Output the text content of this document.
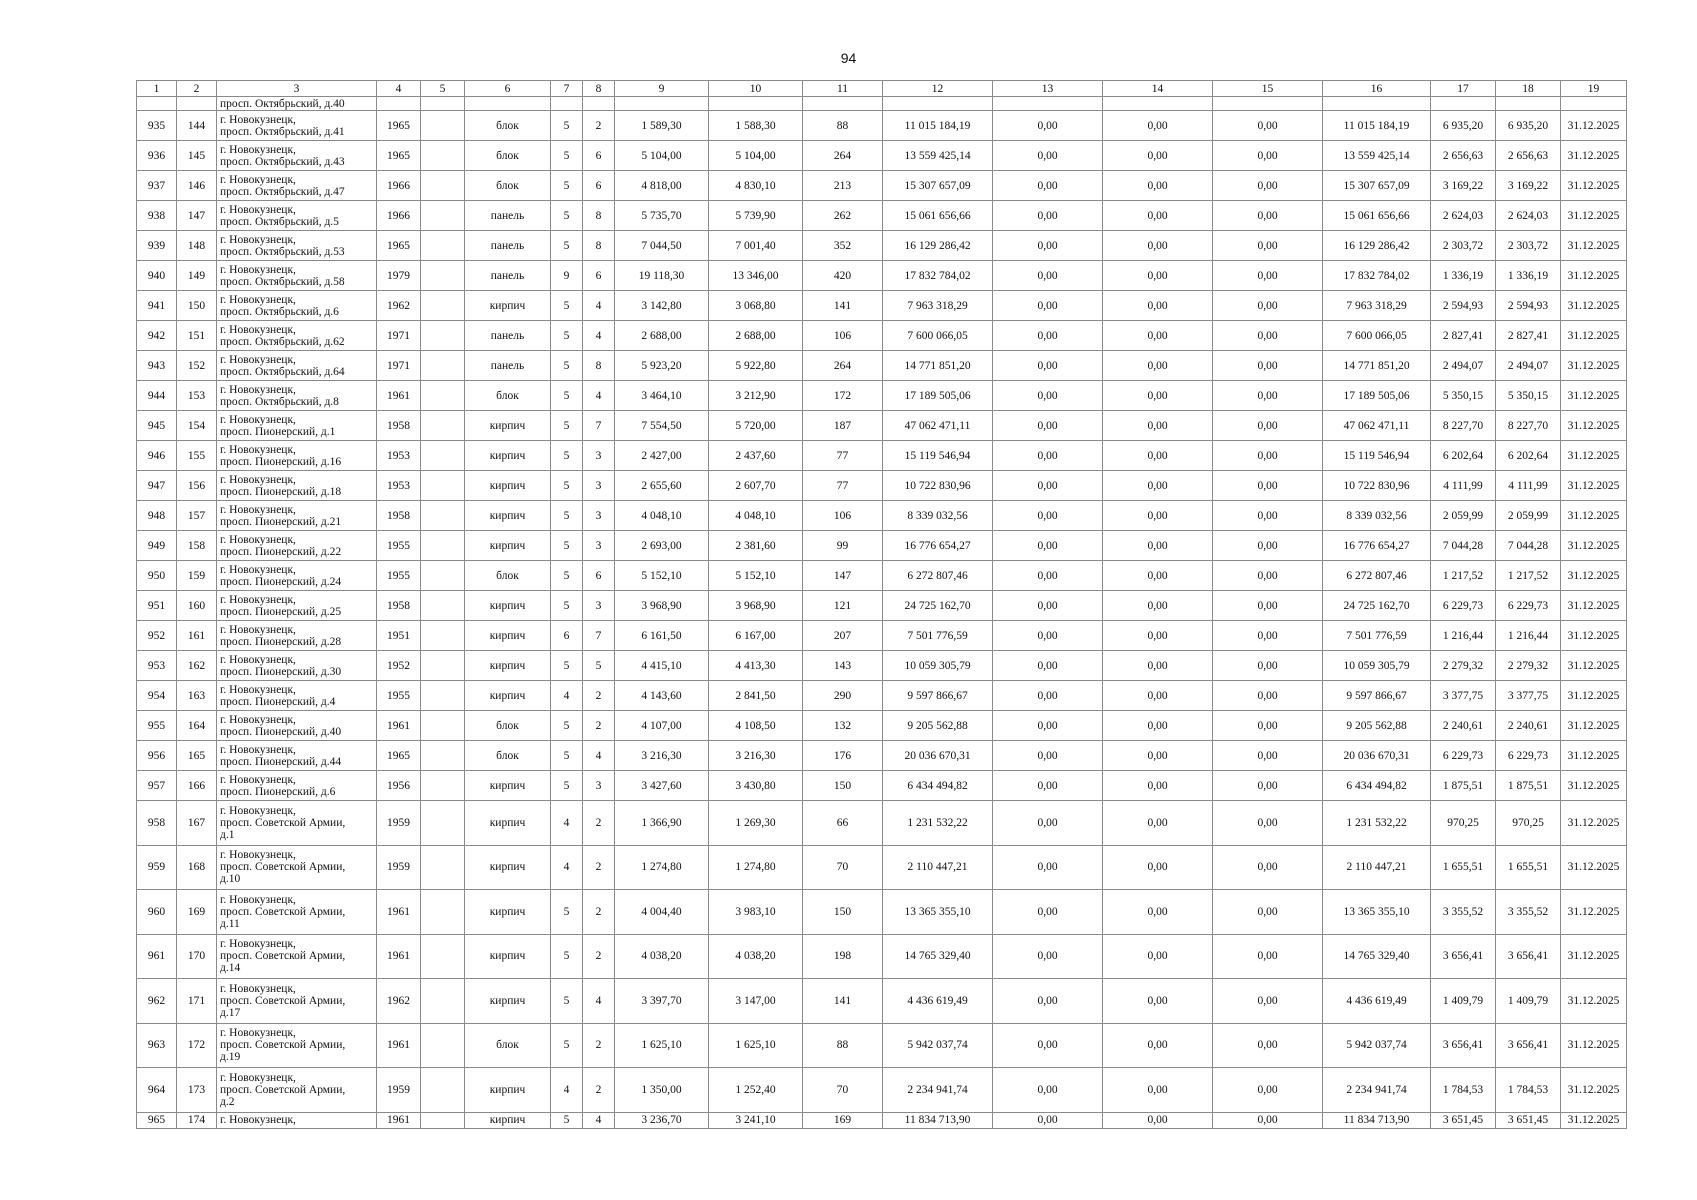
94
1	2	3	4	5	6	7	8	9	10	11	12	13	14	15	16	17	18	19
		просп. Октябрьский, д.40																
935	144	г. Новокузнецк,
просп. Октябрьский, д.41	1965		блок	5	2	1 589,30	1 588,30	88	11 015 184,19	0,00	0,00	0,00	11 015 184,19	6 935,20	6 935,20	31.12.2025
936	145	г. Новокузнецк,
просп. Октябрьский, д.43	1965		блок	5	6	5 104,00	5 104,00	264	13 559 425,14	0,00	0,00	0,00	13 559 425,14	2 656,63	2 656,63	31.12.2025
937	146	г. Новокузнецк,
просп. Октябрьский, д.47	1966		блок	5	6	4 818,00	4 830,10	213	15 307 657,09	0,00	0,00	0,00	15 307 657,09	3 169,22	3 169,22	31.12.2025
938	147	г. Новокузнецк,
просп. Октябрьский, д.5	1966		панель	5	8	5 735,70	5 739,90	262	15 061 656,66	0,00	0,00	0,00	15 061 656,66	2 624,03	2 624,03	31.12.2025
939	148	г. Новокузнецк,
просп. Октябрьский, д.53	1965		панель	5	8	7 044,50	7 001,40	352	16 129 286,42	0,00	0,00	0,00	16 129 286,42	2 303,72	2 303,72	31.12.2025
940	149	г. Новокузнецк,
просп. Октябрьский, д.58	1979		панель	9	6	19 118,30	13 346,00	420	17 832 784,02	0,00	0,00	0,00	17 832 784,02	1 336,19	1 336,19	31.12.2025
941	150	г. Новокузнецк,
просп. Октябрьский, д.6	1962		кирпич	5	4	3 142,80	3 068,80	141	7 963 318,29	0,00	0,00	0,00	7 963 318,29	2 594,93	2 594,93	31.12.2025
942	151	г. Новокузнецк,
просп. Октябрьский, д.62	1971		панель	5	4	2 688,00	2 688,00	106	7 600 066,05	0,00	0,00	0,00	7 600 066,05	2 827,41	2 827,41	31.12.2025
943	152	г. Новокузнецк,
просп. Октябрьский, д.64	1971		панель	5	8	5 923,20	5 922,80	264	14 771 851,20	0,00	0,00	0,00	14 771 851,20	2 494,07	2 494,07	31.12.2025
944	153	г. Новокузнецк,
просп. Октябрьский, д.8	1961		блок	5	4	3 464,10	3 212,90	172	17 189 505,06	0,00	0,00	0,00	17 189 505,06	5 350,15	5 350,15	31.12.2025
945	154	г. Новокузнецк,
просп. Пионерский, д.1	1958		кирпич	5	7	7 554,50	5 720,00	187	47 062 471,11	0,00	0,00	0,00	47 062 471,11	8 227,70	8 227,70	31.12.2025
946	155	г. Новокузнецк,
просп. Пионерский, д.16	1953		кирпич	5	3	2 427,00	2 437,60	77	15 119 546,94	0,00	0,00	0,00	15 119 546,94	6 202,64	6 202,64	31.12.2025
947	156	г. Новокузнецк,
просп. Пионерский, д.18	1953		кирпич	5	3	2 655,60	2 607,70	77	10 722 830,96	0,00	0,00	0,00	10 722 830,96	4 111,99	4 111,99	31.12.2025
948	157	г. Новокузнецк,
просп. Пионерский, д.21	1958		кирпич	5	3	4 048,10	4 048,10	106	8 339 032,56	0,00	0,00	0,00	8 339 032,56	2 059,99	2 059,99	31.12.2025
949	158	г. Новокузнецк,
просп. Пионерский, д.22	1955		кирпич	5	3	2 693,00	2 381,60	99	16 776 654,27	0,00	0,00	0,00	16 776 654,27	7 044,28	7 044,28	31.12.2025
950	159	г. Новокузнецк,
просп. Пионерский, д.24	1955		блок	5	6	5 152,10	5 152,10	147	6 272 807,46	0,00	0,00	0,00	6 272 807,46	1 217,52	1 217,52	31.12.2025
951	160	г. Новокузнецк,
просп. Пионерский, д.25	1958		кирпич	5	3	3 968,90	3 968,90	121	24 725 162,70	0,00	0,00	0,00	24 725 162,70	6 229,73	6 229,73	31.12.2025
952	161	г. Новокузнецк,
просп. Пионерский, д.28	1951		кирпич	6	7	6 161,50	6 167,00	207	7 501 776,59	0,00	0,00	0,00	7 501 776,59	1 216,44	1 216,44	31.12.2025
953	162	г. Новокузнецк,
просп. Пионерский, д.30	1952		кирпич	5	5	4 415,10	4 413,30	143	10 059 305,79	0,00	0,00	0,00	10 059 305,79	2 279,32	2 279,32	31.12.2025
954	163	г. Новокузнецк,
просп. Пионерский, д.4	1955		кирпич	4	2	4 143,60	2 841,50	290	9 597 866,67	0,00	0,00	0,00	9 597 866,67	3 377,75	3 377,75	31.12.2025
955	164	г. Новокузнецк,
просп. Пионерский, д.40	1961		блок	5	2	4 107,00	4 108,50	132	9 205 562,88	0,00	0,00	0,00	9 205 562,88	2 240,61	2 240,61	31.12.2025
956	165	г. Новокузнецк,
просп. Пионерский, д.44	1965		блок	5	4	3 216,30	3 216,30	176	20 036 670,31	0,00	0,00	0,00	20 036 670,31	6 229,73	6 229,73	31.12.2025
957	166	г. Новокузнецк,
просп. Пионерский, д.6	1956		кирпич	5	3	3 427,60	3 430,80	150	6 434 494,82	0,00	0,00	0,00	6 434 494,82	1 875,51	1 875,51	31.12.2025
958	167	г. Новокузнецк,
просп. Советской Армии,
д.1	1959		кирпич	4	2	1 366,90	1 269,30	66	1 231 532,22	0,00	0,00	0,00	1 231 532,22	970,25	970,25	31.12.2025
959	168	г. Новокузнецк,
просп. Советской Армии,
д.10	1959		кирпич	4	2	1 274,80	1 274,80	70	2 110 447,21	0,00	0,00	0,00	2 110 447,21	1 655,51	1 655,51	31.12.2025
960	169	г. Новокузнецк,
просп. Советской Армии,
д.11	1961		кирпич	5	2	4 004,40	3 983,10	150	13 365 355,10	0,00	0,00	0,00	13 365 355,10	3 355,52	3 355,52	31.12.2025
961	170	г. Новокузнецк,
просп. Советской Армии,
д.14	1961		кирпич	5	2	4 038,20	4 038,20	198	14 765 329,40	0,00	0,00	0,00	14 765 329,40	3 656,41	3 656,41	31.12.2025
962	171	г. Новокузнецк,
просп. Советской Армии,
д.17	1962		кирпич	5	4	3 397,70	3 147,00	141	4 436 619,49	0,00	0,00	0,00	4 436 619,49	1 409,79	1 409,79	31.12.2025
963	172	г. Новокузнецк,
просп. Советской Армии,
д.19	1961		блок	5	2	1 625,10	1 625,10	88	5 942 037,74	0,00	0,00	0,00	5 942 037,74	3 656,41	3 656,41	31.12.2025
964	173	г. Новокузнецк,
просп. Советской Армии,
д.2	1959		кирпич	4	2	1 350,00	1 252,40	70	2 234 941,74	0,00	0,00	0,00	2 234 941,74	1 784,53	1 784,53	31.12.2025
965	174	г. Новокузнецк,	1961		кирпич	5	4	3 236,70	3 241,10	169	11 834 713,90	0,00	0,00	0,00	11 834 713,90	3 651,45	3 651,45	31.12.2025
